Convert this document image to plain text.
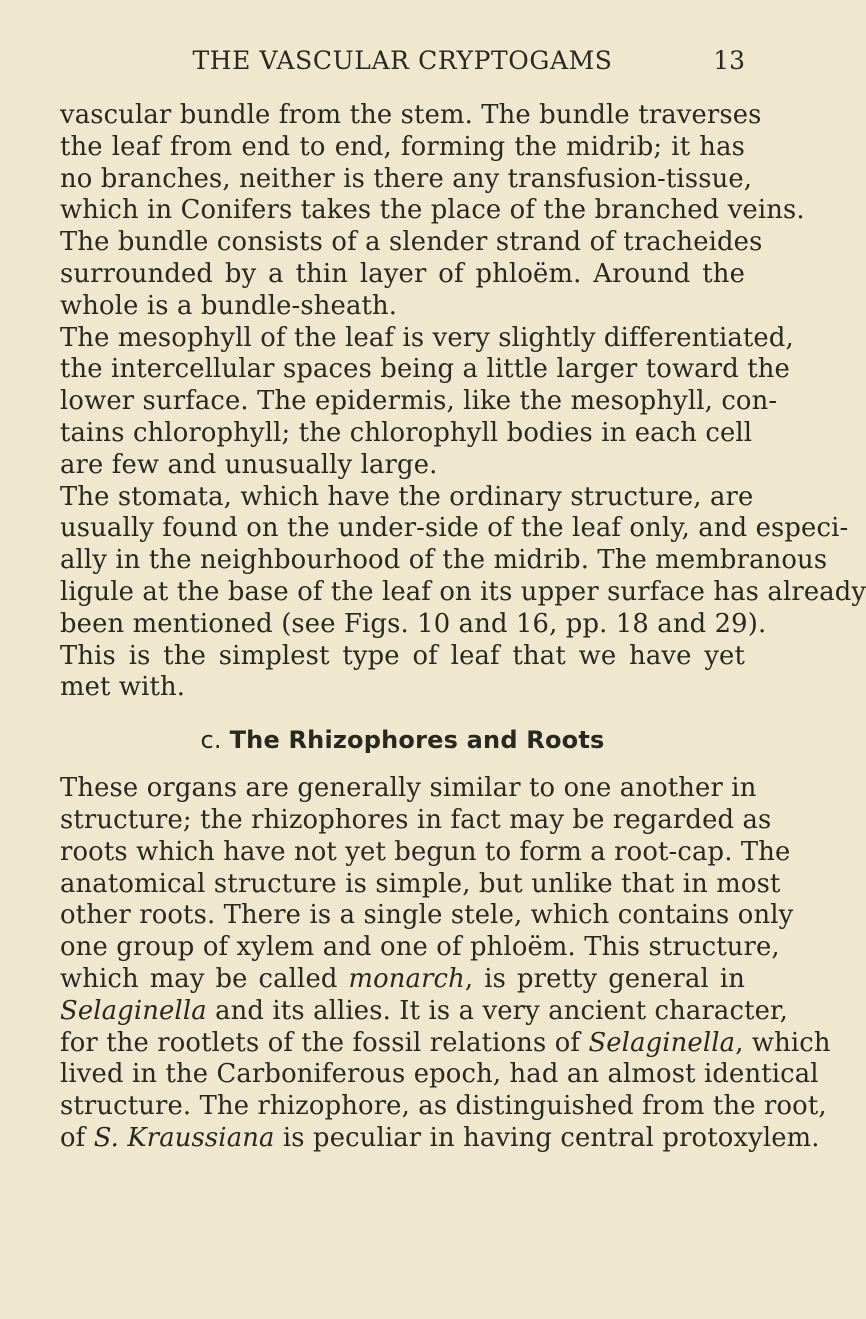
THE VASCULAR CRYPTOGAMS	13

vascular bundle from the stem. The bundle traverses
the leaf from end to end, forming the midrib; it has
no branches, neither is there any transfusion-tissue,
which in Conifers takes the place of the branched veins.
The bundle consists of a slender strand of tracheides
surrounded by a thin layer of phloëm. Around the
whole is a bundle-sheath.

The mesophyll of the leaf is very slightly differentiated,
the intercellular spaces being a little larger toward the
lower surface. The epidermis, like the mesophyll, con-
tains chlorophyll; the chlorophyll bodies in each cell
are few and unusually large.

The stomata, which have the ordinary structure, are
usually found on the under-side of the leaf only, and especi-
ally in the neighbourhood of the midrib. The membranous
ligule at the base of the leaf on its upper surface has already
been mentioned (see Figs. 10 and 16, pp. 18 and 29).
This is the simplest type of leaf that we have yet
met with.

c. The Rhizophores and Roots

These organs are generally similar to one another in
structure; the rhizophores in fact may be regarded as
roots which have not yet begun to form a root-cap. The
anatomical structure is simple, but unlike that in most
other roots. There is a single stele, which contains only
one group of xylem and one of phloëm. This structure,
which may be called monarch, is pretty general in
Selaginella and its allies. It is a very ancient character,
for the rootlets of the fossil relations of Selaginella, which
lived in the Carboniferous epoch, had an almost identical
structure. The rhizophore, as distinguished from the root,
of S. Kraussiana is peculiar in having central protoxylem.
